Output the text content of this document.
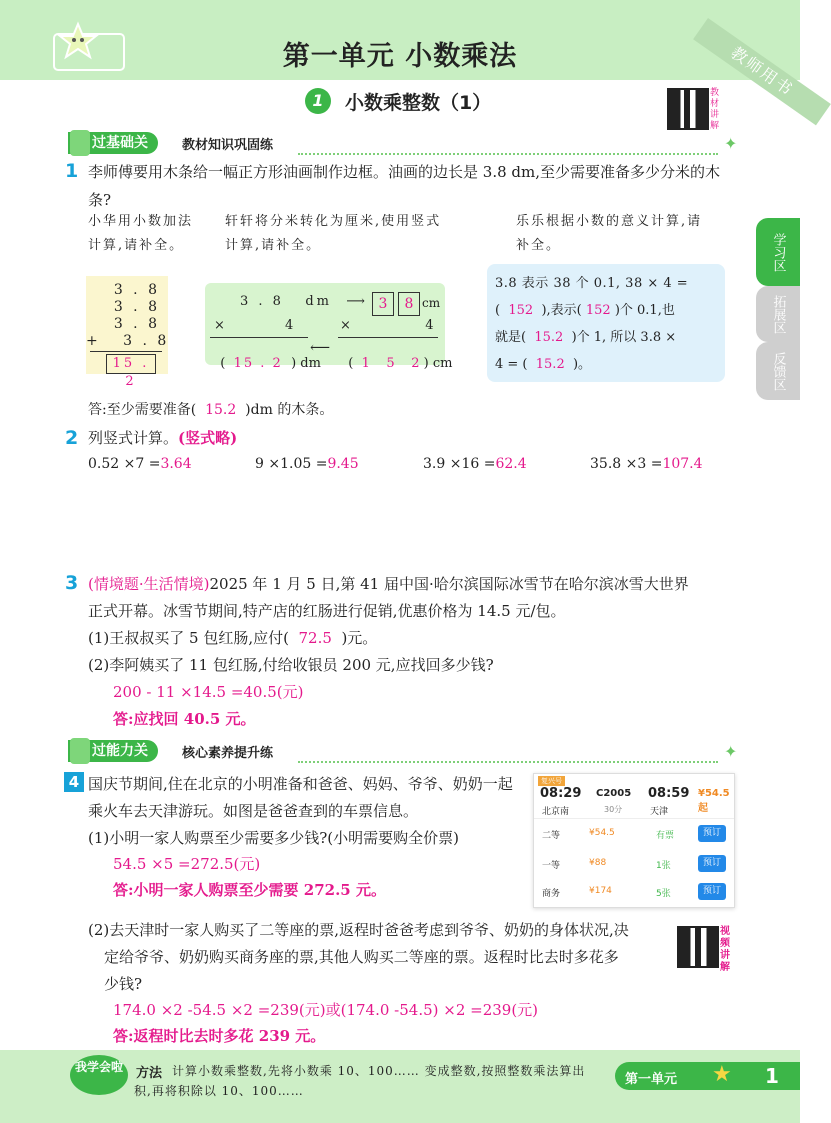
第一单元 小数乘法	教师用书
1	小数乘整数（1）	教材讲解
过基础关	教材知识巩固练	✦
学习区
拓展区
反馈区
1 李师傅要用木条给一幅正方形油画制作边框。油画的边长是 3.8 dm,至少需要准备多少分米的木条?
小华用小数加法计算,请补全。
轩轩将分米转化为厘米,使用竖式计算,请补全。
乐乐根据小数的意义计算,请补全。
3 . 8
3 . 8
3 . 8
+   3 . 8
15 . 2
3 . 8   dm  ⟶
×        4

( 15 . 2 ) dm

⟵
3	8 cm
×          4

( 1 5 2 ) cm

3.8 表示 38 个 0.1, 38 × 4 =
( 152 ),表示( 152 )个 0.1,也
就是( 15.2 )个 1, 所以 3.8 ×
4 = ( 15.2 )。
答:至少需要准备( 15.2 )dm 的木条。
2 列竖式计算。(竖式略)
0.52 ×7 =3.64	9 ×1.05 =9.45	3.9 ×16 =62.4	35.8 ×3 =107.4
3 (情境题·生活情境)2025 年 1 月 5 日,第 41 届中国·哈尔滨国际冰雪节在哈尔滨冰雪大世界
正式开幕。冰雪节期间,特产店的红肠进行促销,优惠价格为 14.5 元/包。
(1)王叔叔买了 5 包红肠,应付( 72.5 )元。
(2)李阿姨买了 11 包红肠,付给收银员 200 元,应找回多少钱?
200 - 11 ×14.5 =40.5(元)
答:应找回 40.5 元。
过能力关	核心素养提升练	✦
4 国庆节期间,住在北京的小明准备和爸爸、妈妈、爷爷、奶奶一起
乘火车去天津游玩。如图是爸爸查到的车票信息。
(1)小明一家人购票至少需要多少钱?(小明需要购全价票)
54.5 ×5 =272.5(元)
答:小明一家人购票至少需要 272.5 元。
复兴号
08:29
北京南
C2005
30分
08:59
天津
¥54.5起
二等	¥54.5	有票	预订
一等	¥88	1张	预订
商务	¥174	5张	预订
(2)去天津时一家人购买了二等座的票,返程时爸爸考虑到爷爷、奶奶的身体状况,决
定给爷爷、奶奶购买商务座的票,其他人购买二等座的票。返程时比去时多花多
少钱?
174.0 ×2 -54.5 ×2 =239(元)或(174.0 -54.5) ×2 =239(元)
答:返程时比去时多花 239 元。
视频讲解
我学会啦	方法 计算小数乘整数,先将小数乘 10、100…… 变成整数,按照整数乘法算出
积,再将积除以 10、100……
第一单元 ★ 1
